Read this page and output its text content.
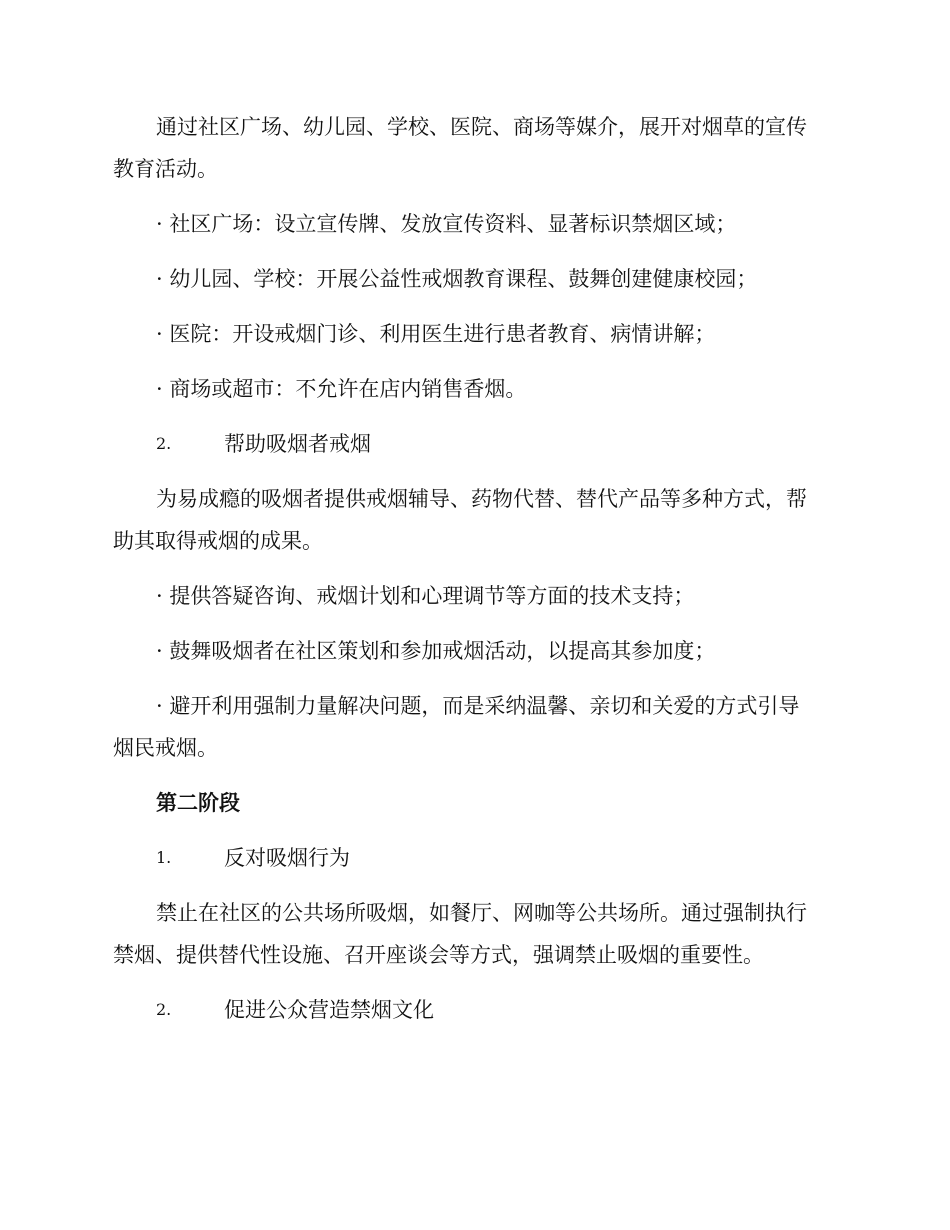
通过社区广场、幼儿园、学校、医院、商场等媒介，展开对烟草的宣传
教育活动。
· 社区广场：设立宣传牌、发放宣传资料、显著标识禁烟区域；
· 幼儿园、学校：开展公益性戒烟教育课程、鼓舞创建健康校园；
· 医院：开设戒烟门诊、利用医生进行患者教育、病情讲解；
· 商场或超市：不允许在店内销售香烟。
2.	帮助吸烟者戒烟
为易成瘾的吸烟者提供戒烟辅导、药物代替、替代产品等多种方式，帮
助其取得戒烟的成果。
· 提供答疑咨询、戒烟计划和心理调节等方面的技术支持；
· 鼓舞吸烟者在社区策划和参加戒烟活动，以提高其参加度；
· 避开利用强制力量解决问题，而是采纳温馨、亲切和关爱的方式引导
烟民戒烟。
第二阶段
1.	反对吸烟行为
禁止在社区的公共场所吸烟，如餐厅、网咖等公共场所。通过强制执行
禁烟、提供替代性设施、召开座谈会等方式，强调禁止吸烟的重要性。
2.	促进公众营造禁烟文化
